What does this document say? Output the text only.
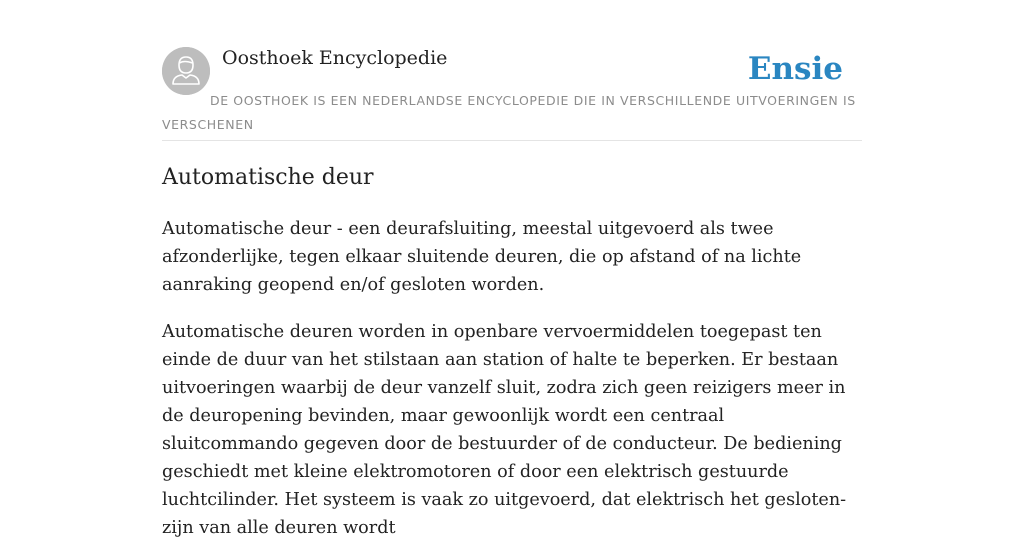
Oosthoek Encyclopedie	Ensie
DE OOSTHOEK IS EEN NEDERLANDSE ENCYCLOPEDIE DIE IN VERSCHILLENDE UITVOERINGEN IS VERSCHENEN
Automatische deur

Automatische deur - een deurafsluiting, meestal uitgevoerd als twee afzonderlijke, tegen elkaar sluitende deuren, die op afstand of na lichte aanraking geopend en/of gesloten worden.

Automatische deuren worden in openbare vervoermiddelen toegepast ten einde de duur van het stilstaan aan station of halte te beperken. Er bestaan uitvoeringen waarbij de deur vanzelf sluit, zodra zich geen reizigers meer in de deuropening bevinden, maar gewoonlijk wordt een centraal sluitcommando gegeven door de bestuurder of de conducteur. De bediening geschiedt met kleine elektromotoren of door een elektrisch gestuurde luchtcilinder. Het systeem is vaak zo uitgevoerd, dat elektrisch het gesloten-zijn van alle deuren wordt
